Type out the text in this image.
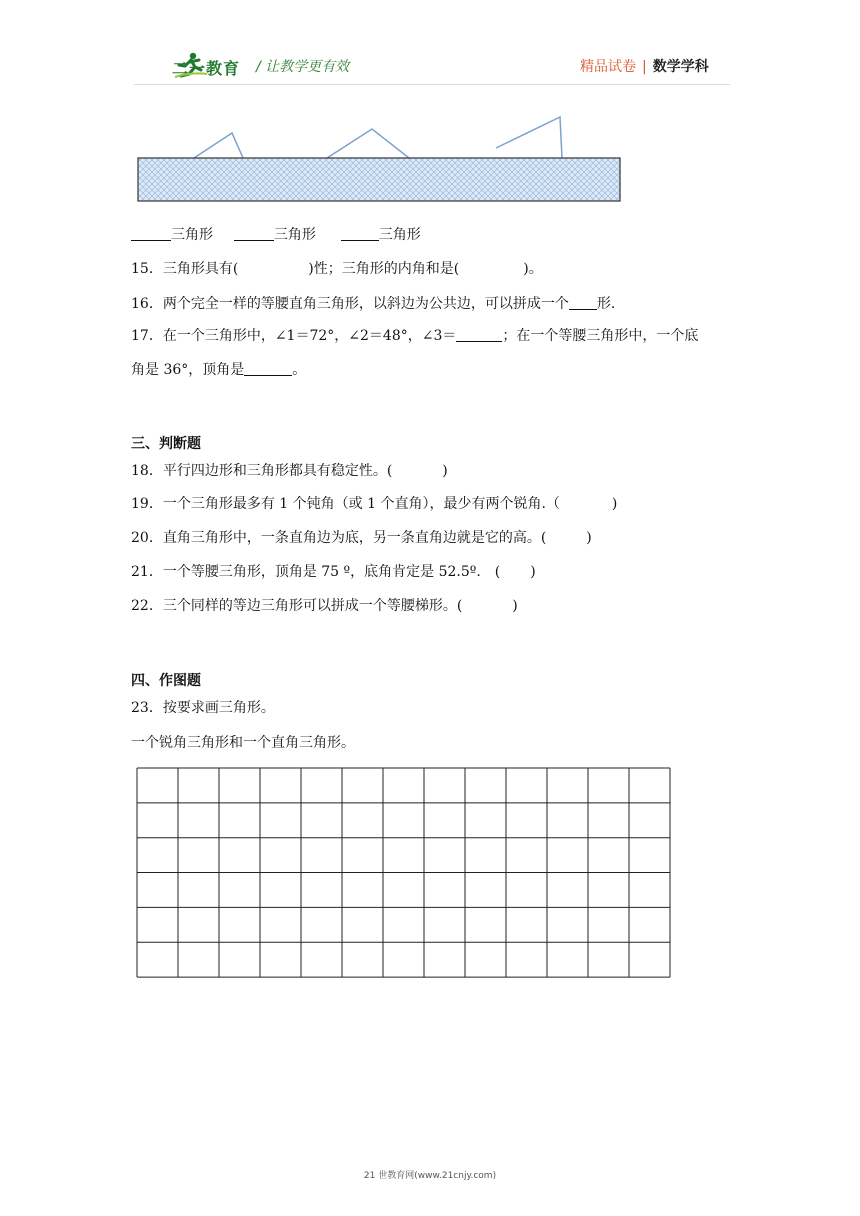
二一教育 / 让教学更有效	精品试卷 | 数学学科
三角形	三角形	三角形
15．三角形具有(	)性；三角形的内角和是(	)。
16．两个完全一样的等腰直角三角形，以斜边为公共边，可以拼成一个 形.
17．在一个三角形中，∠1＝72°，∠2＝48°，∠3＝	；在一个等腰三角形中，一个底
角是 36°，顶角是	。
三、判断题
18．平行四边形和三角形都具有稳定性。(	)
19．一个三角形最多有 1 个钝角（或 1 个直角），最少有两个锐角.（	)
20．直角三角形中，一条直角边为底，另一条直角边就是它的高。(	)
21．一个等腰三角形，顶角是 75 º，底角肯定是 52.5º. ( )
22．三个同样的等边三角形可以拼成一个等腰梯形。(	)
四、作图题
23．按要求画三角形。
一个锐角三角形和一个直角三角形。
21 世教育网(www.21cnjy.com)
